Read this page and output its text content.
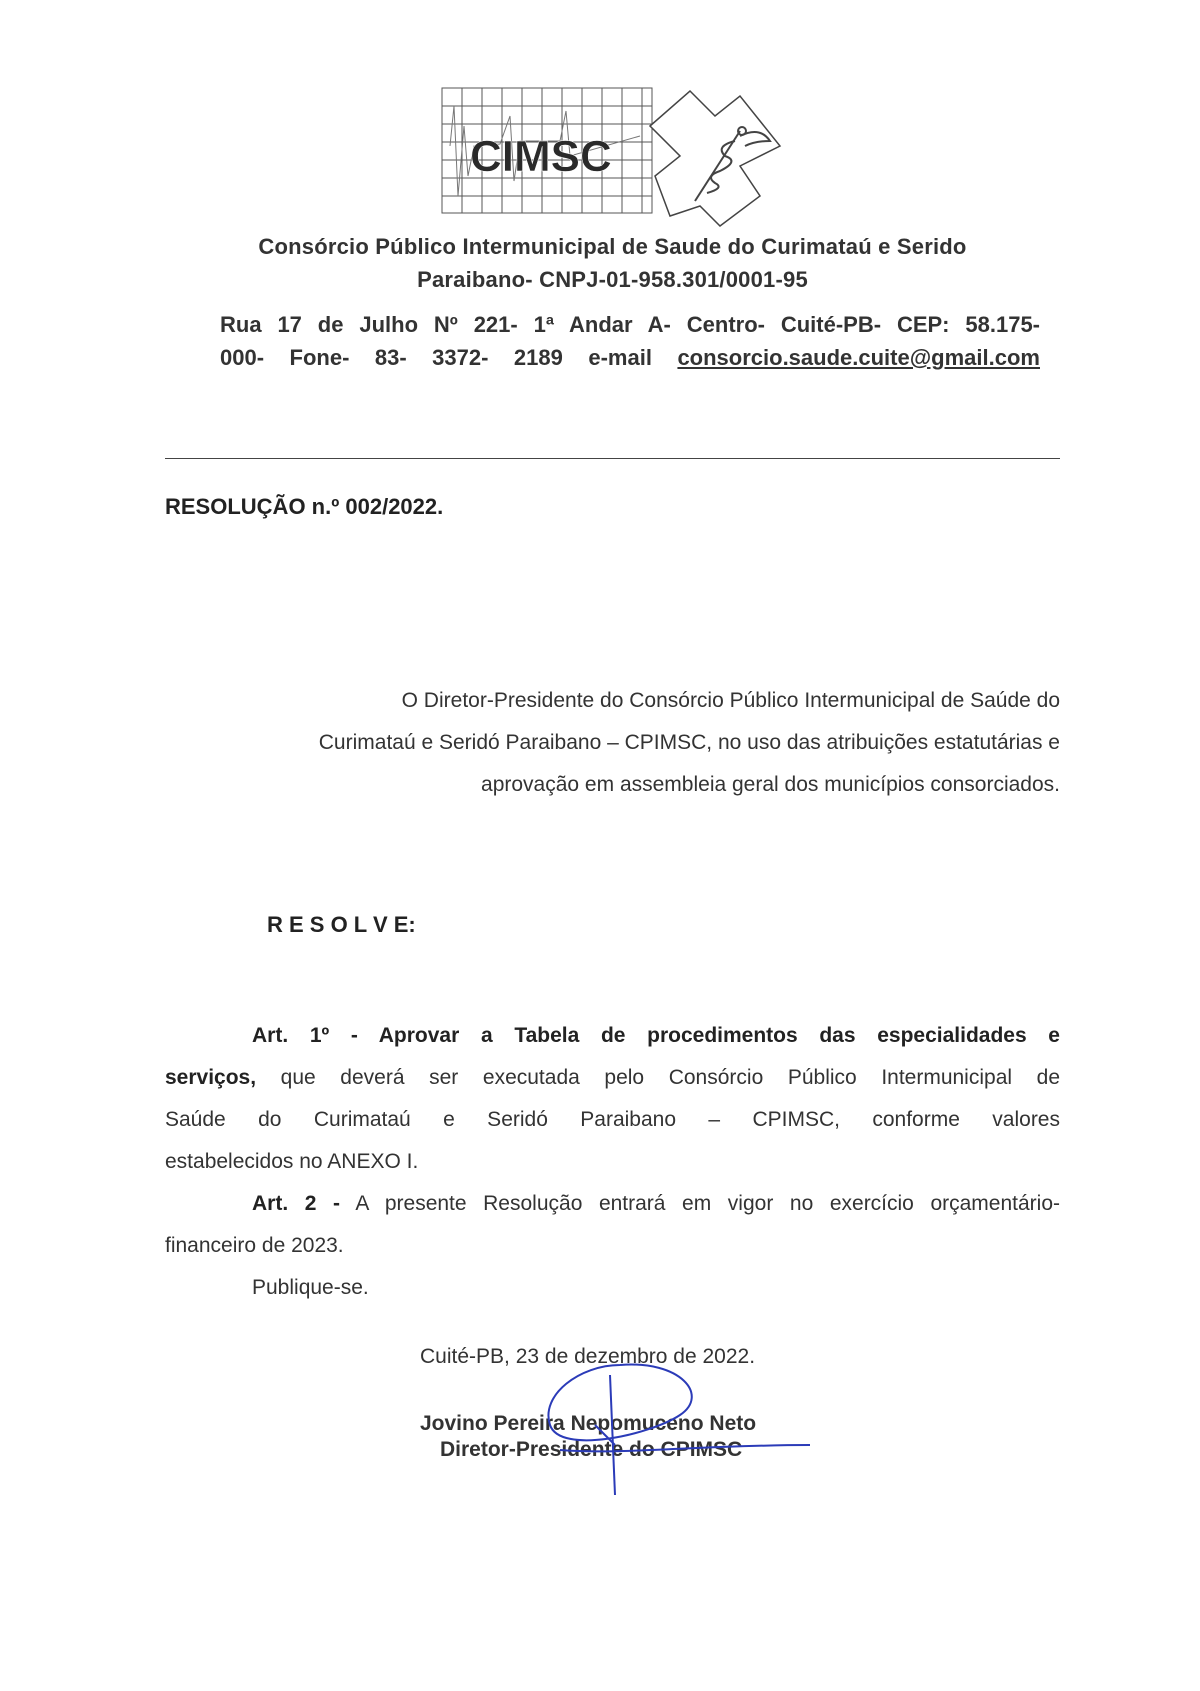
CIMSC
Consórcio Público Intermunicipal de Saude do Curimataú e Serido
Paraibano- CNPJ-01-958.301/0001-95
Rua 17 de Julho Nº 221- 1ª Andar A- Centro- Cuité-PB- CEP: 58.175-
000- Fone- 83- 3372- 2189 e-mail consorcio.saude.cuite@gmail.com
RESOLUÇÃO n.º 002/2022.
O Diretor-Presidente do Consórcio Público Intermunicipal de Saúde do
Curimataú e Seridó Paraibano – CPIMSC, no uso das atribuições estatutárias e
aprovação em assembleia geral dos municípios consorciados.
R E S O L V E:
Art. 1º - Aprovar a Tabela de procedimentos das especialidades e
serviços, que deverá ser executada pelo Consórcio Público Intermunicipal de
Saúde do Curimataú e Seridó Paraibano – CPIMSC, conforme valores
estabelecidos no ANEXO I.
Art. 2 - A presente Resolução entrará em vigor no exercício orçamentário-
financeiro de 2023.
Publique-se.
Cuité-PB, 23 de dezembro de 2022.
Jovino Pereira Nepomuceno Neto
Diretor-Presidente do CPIMSC
